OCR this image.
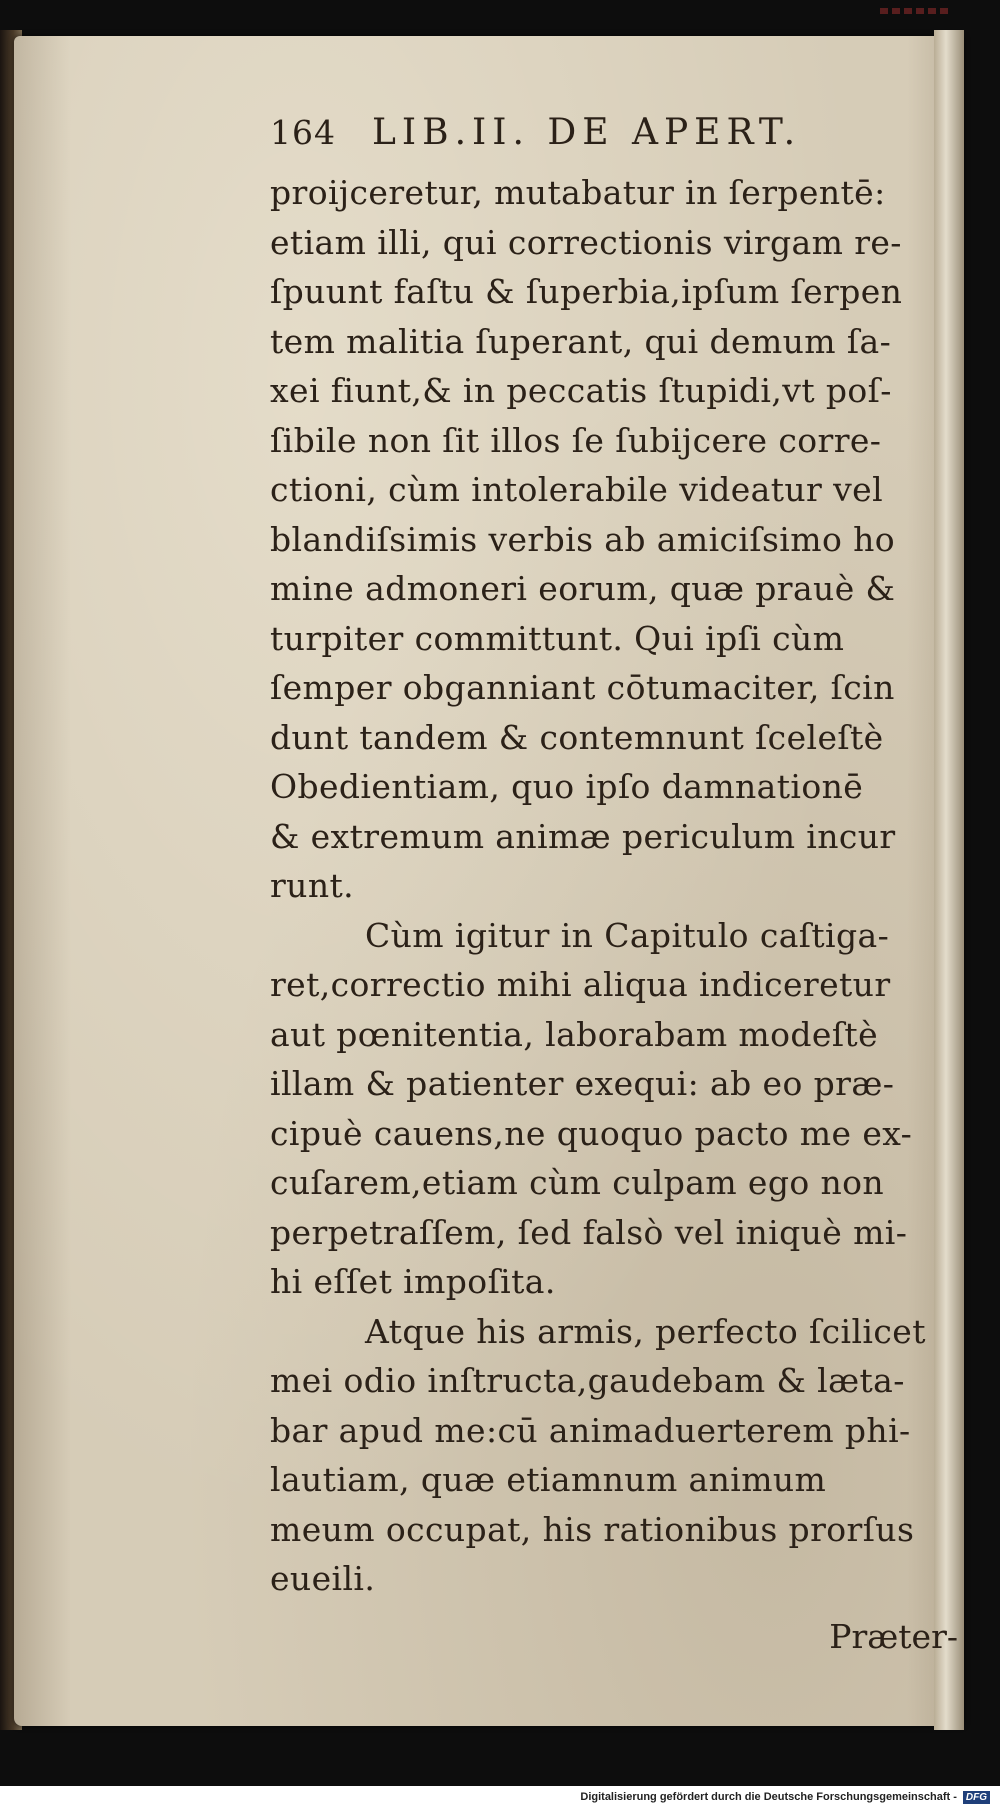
164 LIB.II. DE APERT.
proijceretur, mutabatur in ſerpentē:
etiam illi, qui correctionis virgam re-
ſpuunt faſtu & ſuperbia,ipſum ſerpen
tem malitia ſuperant, qui demum ſa-
xei fiunt,& in peccatis ſtupidi,vt poſ-
ſibile non ſit illos ſe ſubijcere corre-
ctioni, cùm intolerabile videatur vel
blandiſsimis verbis ab amiciſsimo ho
mine admoneri eorum, quæ prauè &
turpiter committunt. Qui ipſi cùm
ſemper obganniant cōtumaciter, ſcin
dunt tandem & contemnunt ſceleſtè
Obedientiam, quo ipſo damnationē
& extremum animæ periculum incur
runt.
Cùm igitur in Capitulo caſtiga-
ret,correctio mihi aliqua indiceretur
aut pœnitentia, laborabam modeſtè
illam & patienter exequi: ab eo præ-
cipuè cauens,ne quoquo pacto me ex-
cuſarem,etiam cùm culpam ego non
perpetraſſem, ſed falsò vel iniquè mi-
hi eſſet impoſita.
Atque his armis, perfecto ſcilicet
mei odio inſtructa,gaudebam & læta-
bar apud me:cū animaduerterem phi-
lautiam, quæ etiamnum animum
meum occupat, his rationibus prorſus
eueili.
Præter-
Digitalisierung gefördert durch die Deutsche Forschungsgemeinschaft - DFG
